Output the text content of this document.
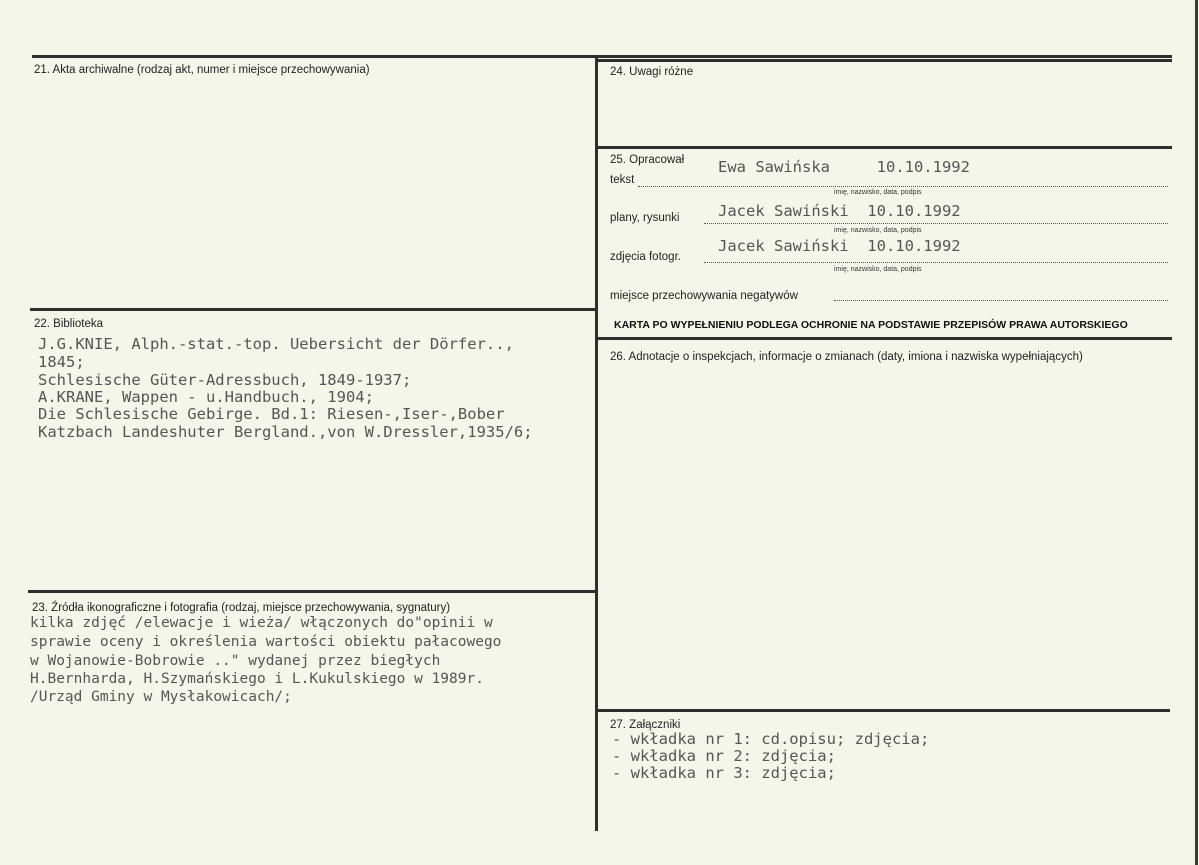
21. Akta archiwalne (rodzaj akt, numer i miejsce przechowywania)
22. Biblioteka
J.G.KNIE, Alph.-stat.-top. Uebersicht der Dörfer..,
1845;
Schlesische Güter-Adressbuch, 1849-1937;
A.KRANE, Wappen - u.Handbuch., 1904;
Die Schlesische Gebirge. Bd.1: Riesen-,Iser-,Bober
Katzbach Landeshuter Bergland.,von W.Dressler,1935/6;
23. Źródła ikonograficzne i fotografia (rodzaj, miejsce przechowywania, sygnatury)
kilka zdjęć /elewacje i wieża/ włączonych do"opinii w
sprawie oceny i określenia wartości obiektu pałacowego
w Wojanowie-Bobrowie .." wydanej przez biegłych
H.Bernharda, H.Szymańskiego i L.Kukulskiego w 1989r.
/Urząd Gminy w Mysłakowicach/;
24. Uwagi różne
25. Opracował
tekst
Ewa Sawińska     10.10.1992
imię, nazwisko, data, podpis
plany, rysunki Jacek Sawiński  10.10.1992
imię, nazwisko, data, podpis
zdjęcia fotogr.
Jacek Sawiński  10.10.1992
imię, nazwisko, data, podpis
miejsce przechowywania negatywów
KARTA PO WYPEŁNIENIU PODLEGA OCHRONIE NA PODSTAWIE PRZEPISÓW PRAWA AUTORSKIEGO
26. Adnotacje o inspekcjach, informacje o zmianach (daty, imiona i nazwiska wypełniających)
27. Załączniki
- wkładka nr 1: cd.opisu; zdjęcia;
- wkładka nr 2: zdjęcia;
- wkładka nr 3: zdjęcia;
